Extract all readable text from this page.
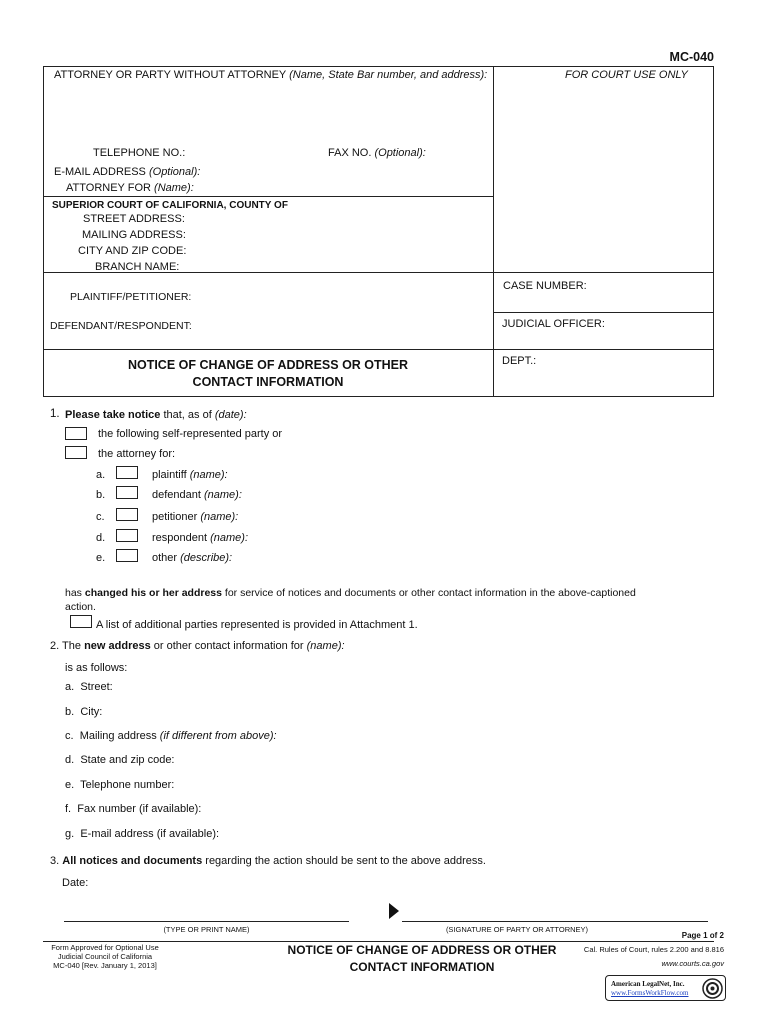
MC-040
ATTORNEY OR PARTY WITHOUT ATTORNEY (Name, State Bar number, and address):	FOR COURT USE ONLY
TELEPHONE NO.:	FAX NO. (Optional):
E-MAIL ADDRESS (Optional):
ATTORNEY FOR (Name):
SUPERIOR COURT OF CALIFORNIA, COUNTY OF
STREET ADDRESS:
MAILING ADDRESS:
CITY AND ZIP CODE:
BRANCH NAME:
PLAINTIFF/PETITIONER:
DEFENDANT/RESPONDENT:
CASE NUMBER:
JUDICIAL OFFICER:
DEPT.:
NOTICE OF CHANGE OF ADDRESS OR OTHER
CONTACT INFORMATION
1. Please take notice that, as of (date):
the following self-represented party or
the attorney for:
a.	plaintiff (name):
b.	defendant (name):
c.	petitioner (name):
d.	respondent (name):
e.	other (describe):
has changed his or her address for service of notices and documents or other contact information in the above-captioned
action.
A list of additional parties represented is provided in Attachment 1.
2. The new address or other contact information for (name):
is as follows:
a. Street:
b. City:
c. Mailing address (if different from above):
d. State and zip code:
e. Telephone number:
f. Fax number (if available):
g. E-mail address (if available):
3. All notices and documents regarding the action should be sent to the above address.
Date:
(TYPE OR PRINT NAME)	(SIGNATURE OF PARTY OR ATTORNEY)
Page 1 of 2
Form Approved for Optional Use
Judicial Council of California
MC-040 [Rev. January 1, 2013]
NOTICE OF CHANGE OF ADDRESS OR OTHER
CONTACT INFORMATION
Cal. Rules of Court, rules 2.200 and 8.816
www.courts.ca.gov
American LegalNet, Inc.
www.FormsWorkFlow.com
